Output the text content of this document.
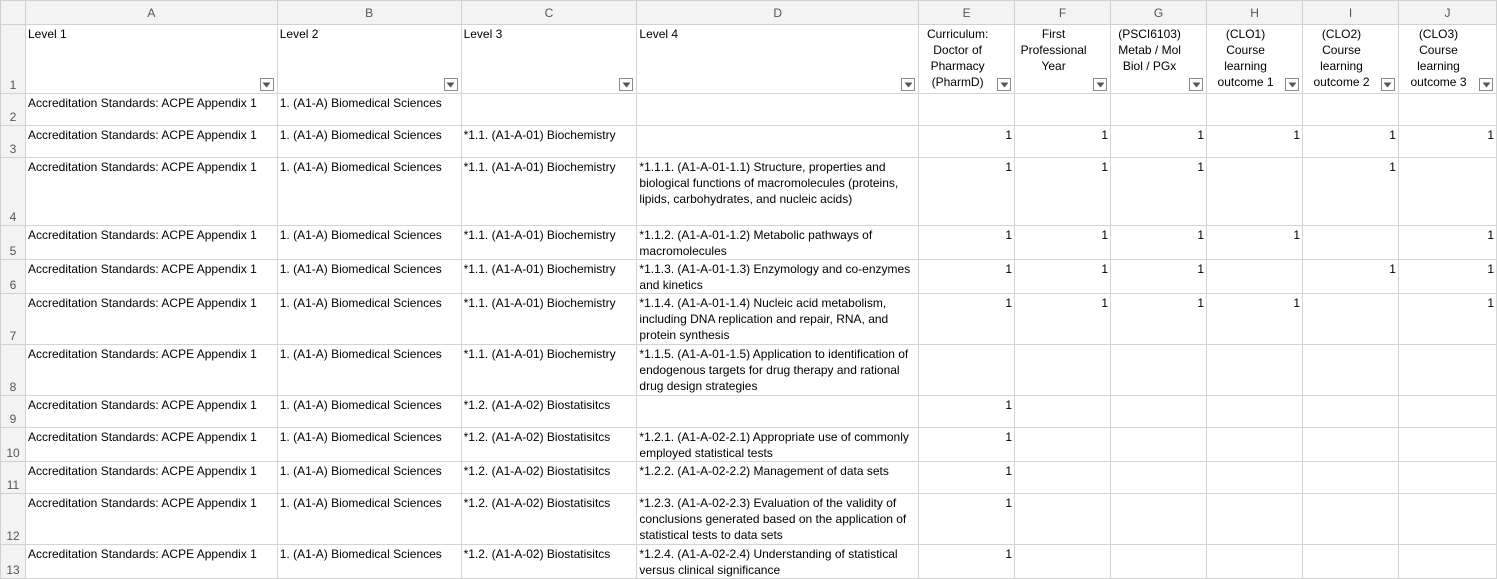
	A	B	C	D	E	F	G	H	I	J
1	Level 1	Level 2	Level 3	Level 4	Curriculum: Doctor of Pharmacy (PharmD)	First Professional Year	(PSCI6103) Metab / Mol Biol / PGx	(CLO1) Course learning outcome 1	(CLO2) Course learning outcome 2	(CLO3) Course learning outcome 3

2	Accreditation Standards: ACPE Appendix 1	1. (A1-A) Biomedical Sciences								

3	Accreditation Standards: ACPE Appendix 1	1. (A1-A) Biomedical Sciences	*1.1. (A1-A-01) Biochemistry		1	1	1	1	1	1

4	Accreditation Standards: ACPE Appendix 1	1. (A1-A) Biomedical Sciences	*1.1. (A1-A-01) Biochemistry	*1.1.1. (A1-A-01-1.1) Structure, properties and biological functions of macromolecules (proteins, lipids, carbohydrates, and nucleic acids)	1	1	1		1	

5	Accreditation Standards: ACPE Appendix 1	1. (A1-A) Biomedical Sciences	*1.1. (A1-A-01) Biochemistry	*1.1.2. (A1-A-01-1.2) Metabolic pathways of macromolecules	1	1	1	1		1

6	Accreditation Standards: ACPE Appendix 1	1. (A1-A) Biomedical Sciences	*1.1. (A1-A-01) Biochemistry	*1.1.3. (A1-A-01-1.3) Enzymology and co-enzymes and kinetics	1	1	1		1	1

7	Accreditation Standards: ACPE Appendix 1	1. (A1-A) Biomedical Sciences	*1.1. (A1-A-01) Biochemistry	*1.1.4. (A1-A-01-1.4) Nucleic acid metabolism, including DNA replication and repair, RNA, and protein synthesis	1	1	1	1		1

8	Accreditation Standards: ACPE Appendix 1	1. (A1-A) Biomedical Sciences	*1.1. (A1-A-01) Biochemistry	*1.1.5. (A1-A-01-1.5) Application to identification of endogenous targets for drug therapy and rational drug design strategies						

9	Accreditation Standards: ACPE Appendix 1	1. (A1-A) Biomedical Sciences	*1.2. (A1-A-02) Biostatisitcs		1					

10	Accreditation Standards: ACPE Appendix 1	1. (A1-A) Biomedical Sciences	*1.2. (A1-A-02) Biostatisitcs	*1.2.1. (A1-A-02-2.1) Appropriate use of commonly employed statistical tests	1					

11	Accreditation Standards: ACPE Appendix 1	1. (A1-A) Biomedical Sciences	*1.2. (A1-A-02) Biostatisitcs	*1.2.2. (A1-A-02-2.2) Management of data sets	1					

12	Accreditation Standards: ACPE Appendix 1	1. (A1-A) Biomedical Sciences	*1.2. (A1-A-02) Biostatisitcs	*1.2.3. (A1-A-02-2.3) Evaluation of the validity of conclusions generated based on the application of statistical tests to data sets	1					

13	Accreditation Standards: ACPE Appendix 1	1. (A1-A) Biomedical Sciences	*1.2. (A1-A-02) Biostatisitcs	*1.2.4. (A1-A-02-2.4) Understanding of statistical versus clinical significance	1					
